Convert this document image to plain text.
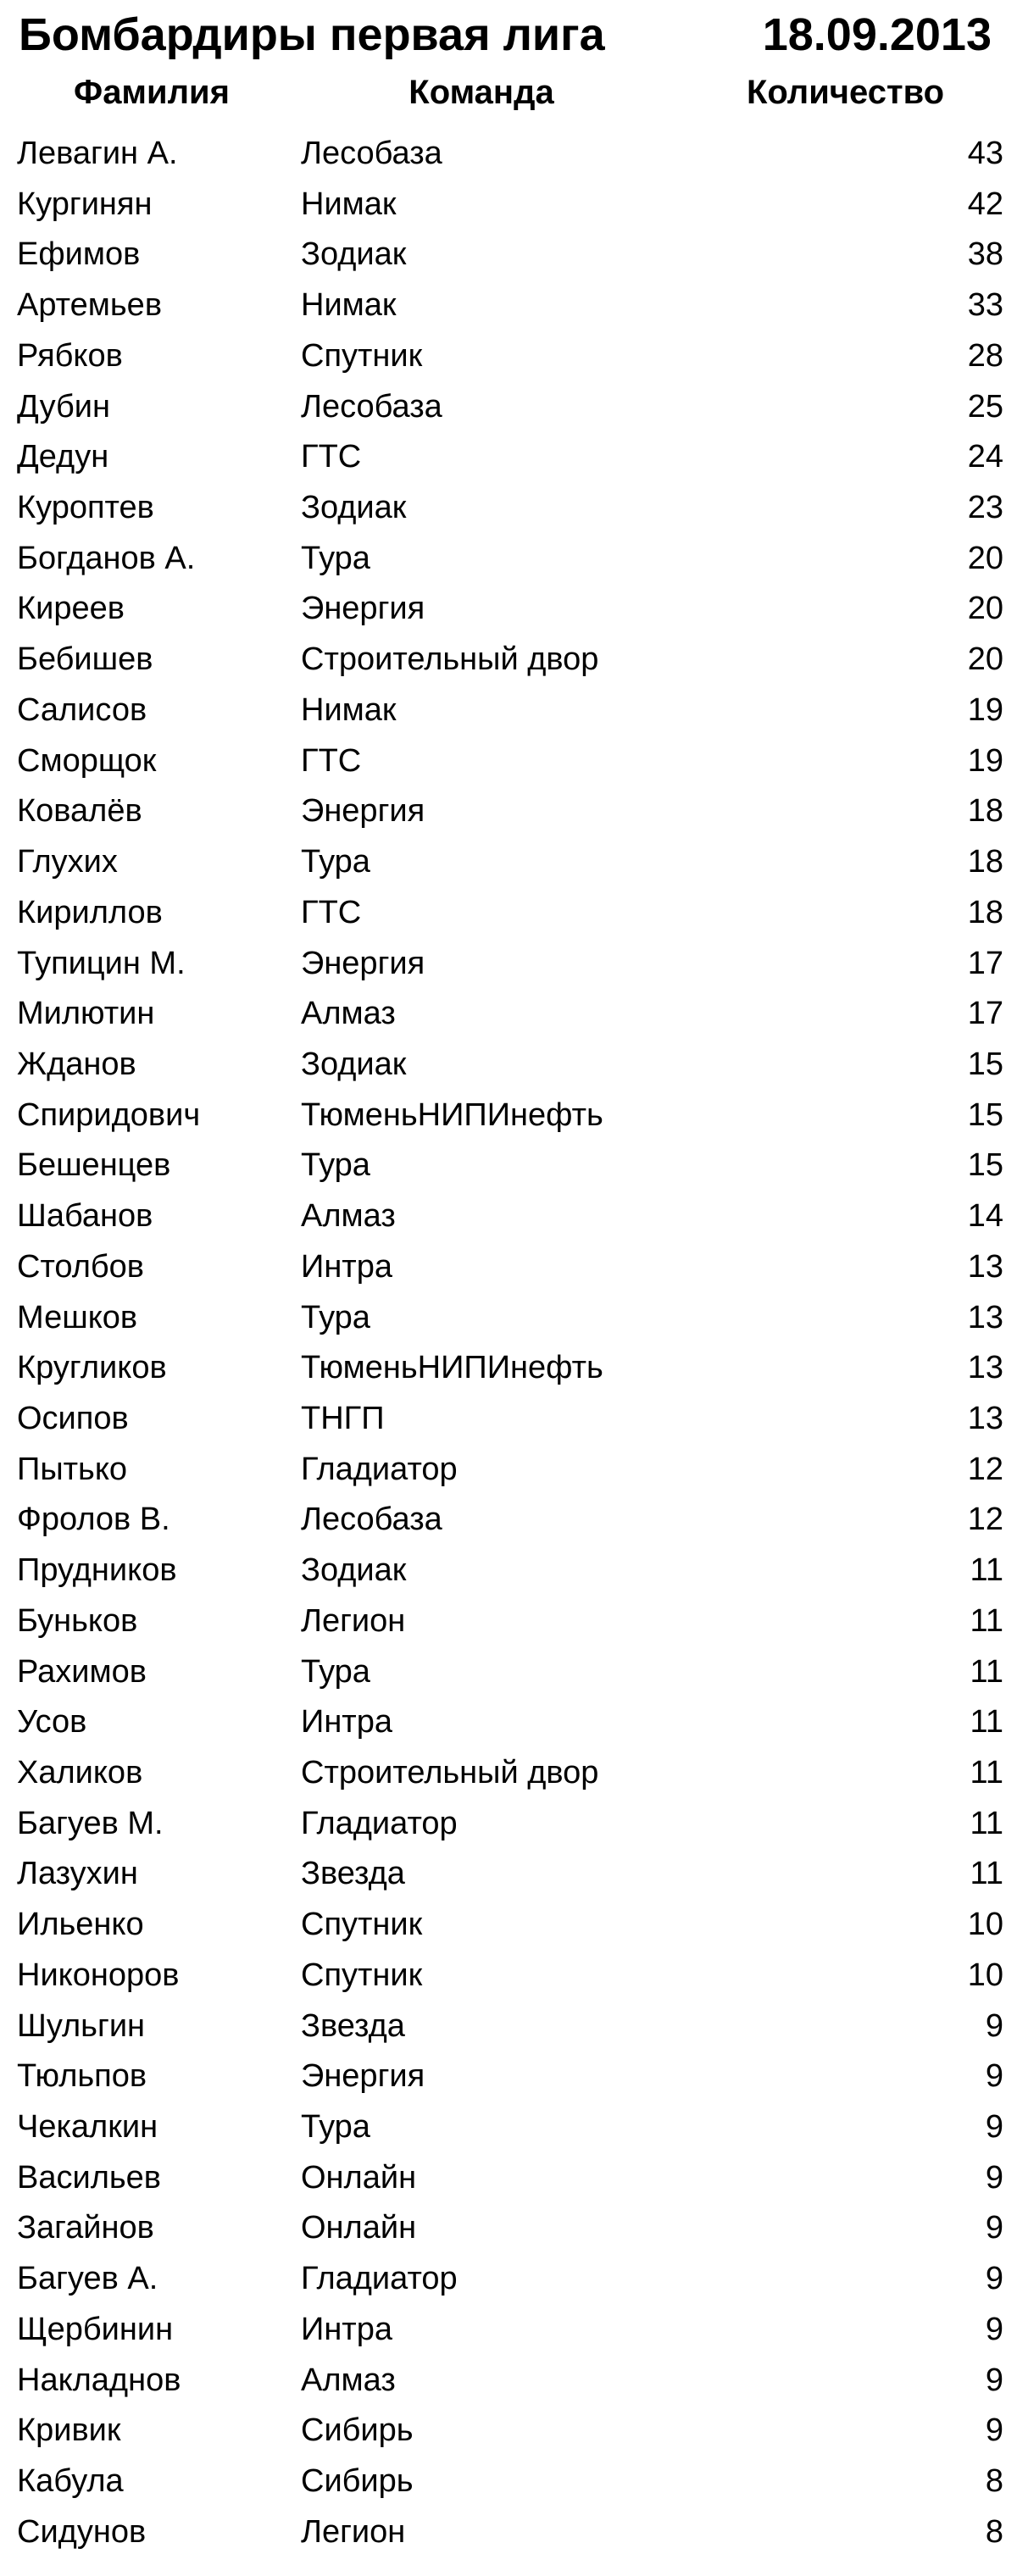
Бомбардиры первая лига	18.09.2013
Фамилия	Команда	Количество
Левагин А.	Лесобаза	43
Кургинян	Нимак	42
Ефимов	Зодиак	38
Артемьев	Нимак	33
Рябков	Спутник	28
Дубин	Лесобаза	25
Дедун	ГТС	24
Куроптев	Зодиак	23
Богданов А.	Тура	20
Киреев	Энергия	20
Бебишев	Строительный двор	20
Салисов	Нимак	19
Сморщок	ГТС	19
Ковалёв	Энергия	18
Глухих	Тура	18
Кириллов	ГТС	18
Тупицин М.	Энергия	17
Милютин	Алмаз	17
Жданов	Зодиак	15
Спиридович	ТюменьНИПИнефть	15
Бешенцев	Тура	15
Шабанов	Алмаз	14
Столбов	Интра	13
Мешков	Тура	13
Кругликов	ТюменьНИПИнефть	13
Осипов	ТНГП	13
Пытько	Гладиатор	12
Фролов В.	Лесобаза	12
Прудников	Зодиак	11
Буньков	Легион	11
Рахимов	Тура	11
Усов	Интра	11
Халиков	Строительный двор	11
Багуев М.	Гладиатор	11
Лазухин	Звезда	11
Ильенко	Спутник	10
Никоноров	Спутник	10
Шульгин	Звезда	9
Тюльпов	Энергия	9
Чекалкин	Тура	9
Васильев	Онлайн	9
Загайнов	Онлайн	9
Багуев А.	Гладиатор	9
Щербинин	Интра	9
Накладнов	Алмаз	9
Кривик	Сибирь	9
Кабула	Сибирь	8
Сидунов	Легион	8
